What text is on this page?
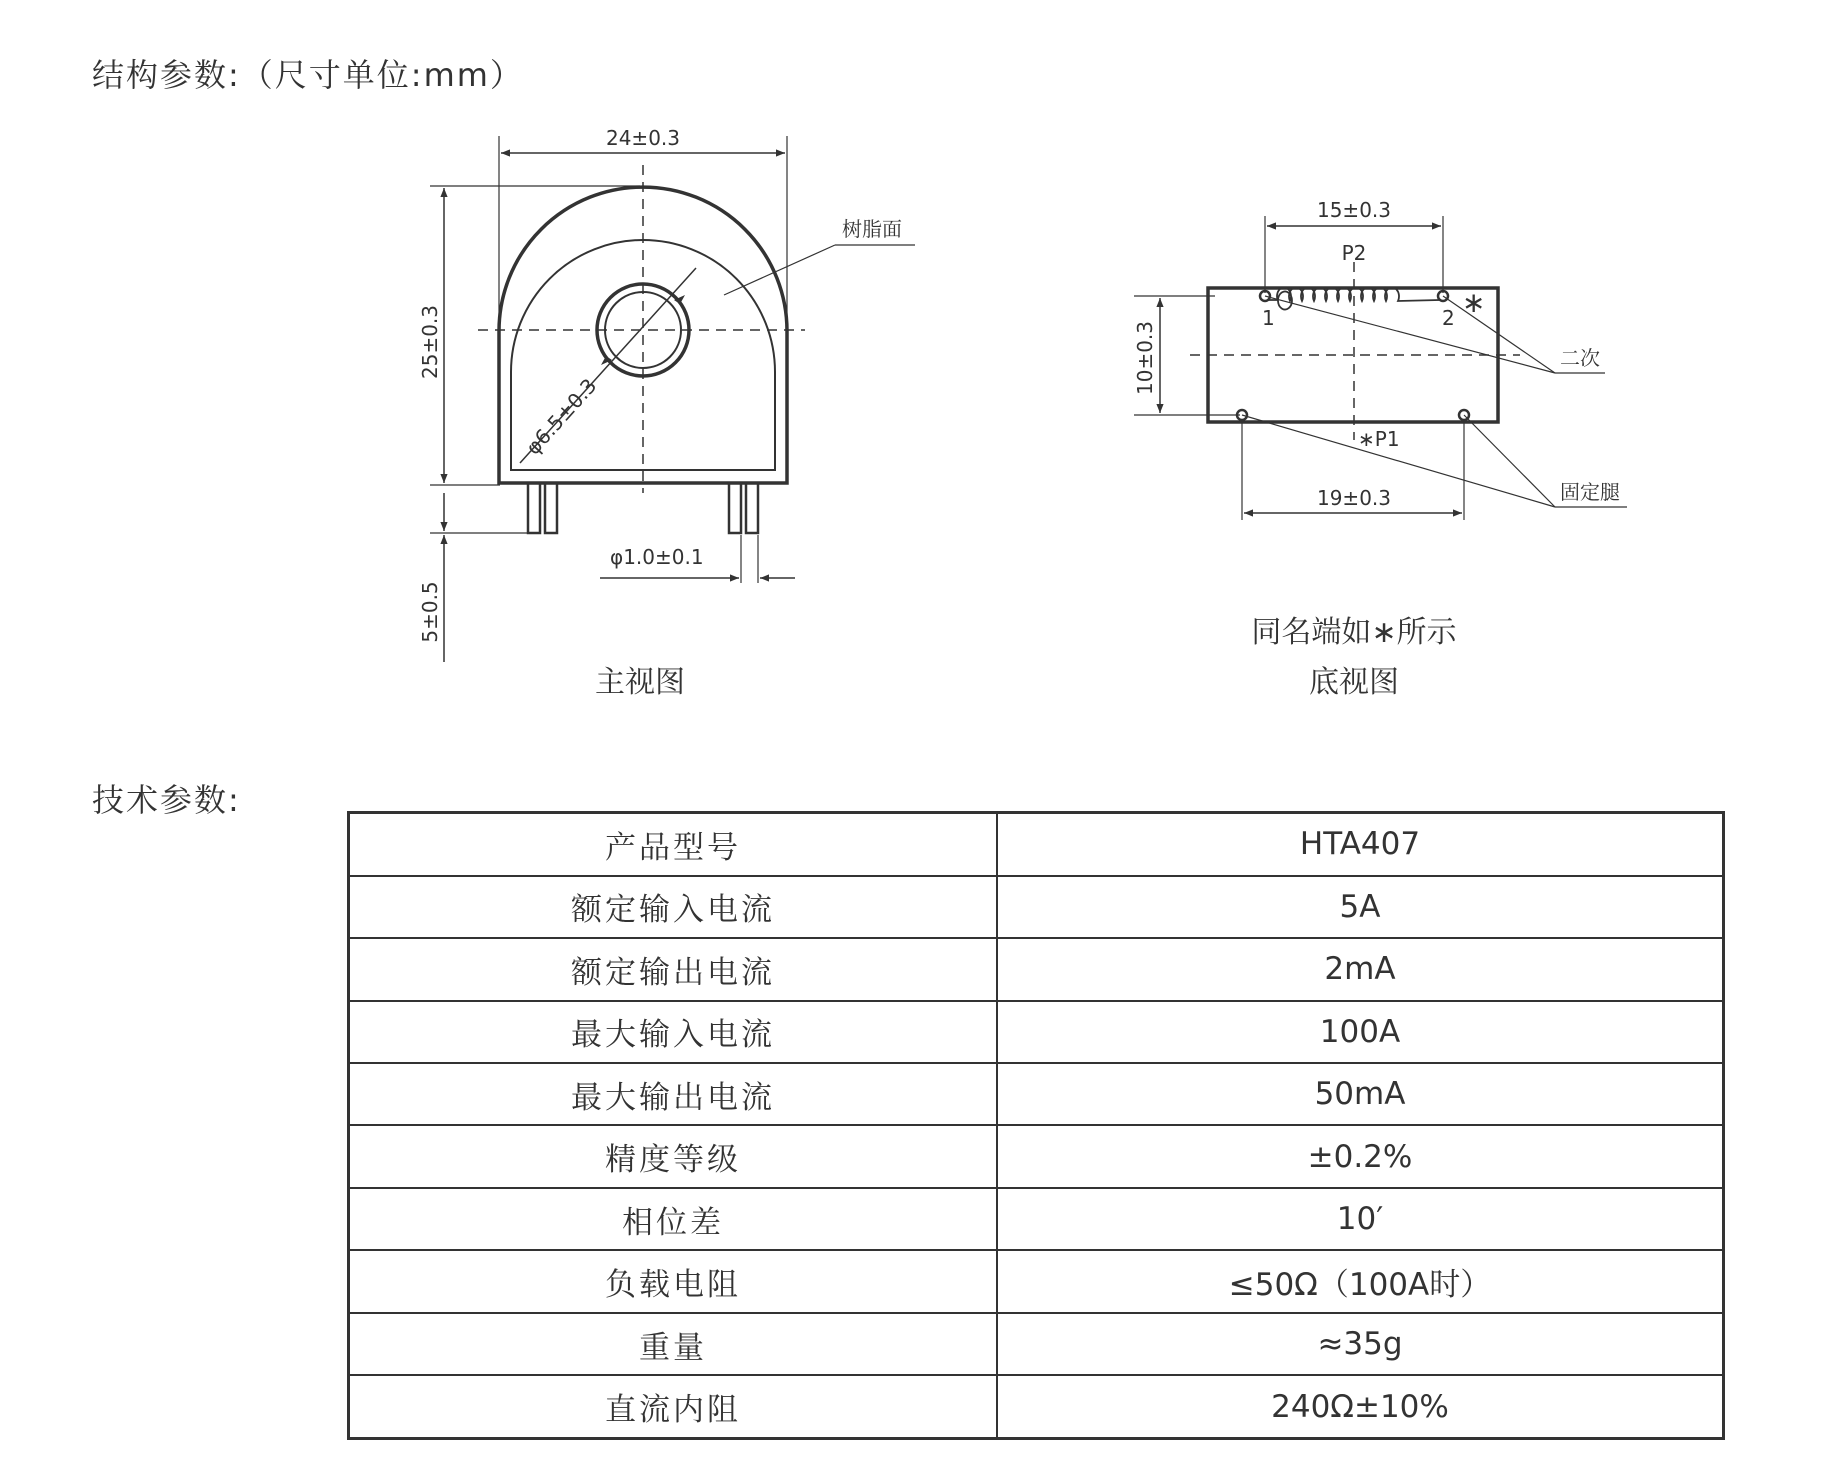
结构参数:（尺寸单位:mm）
24±0.3
25±0.3
5±0.5
φ6.5±0.3
树脂面
φ1.0±0.1
主视图
1	2 ∗
P2
∗P1
15±0.3
10±0.3
19±0.3
二次
固定腿
同名端如∗所示
底视图
技术参数:
产品型号	HTA407
额定输入电流	5A
额定输出电流	2mA
最大输入电流	100A
最大输出电流	50mA
精度等级	±0.2%
相位差	10′
负载电阻	≤50Ω（100A时）
重量	≈35g
直流内阻	240Ω±10%
